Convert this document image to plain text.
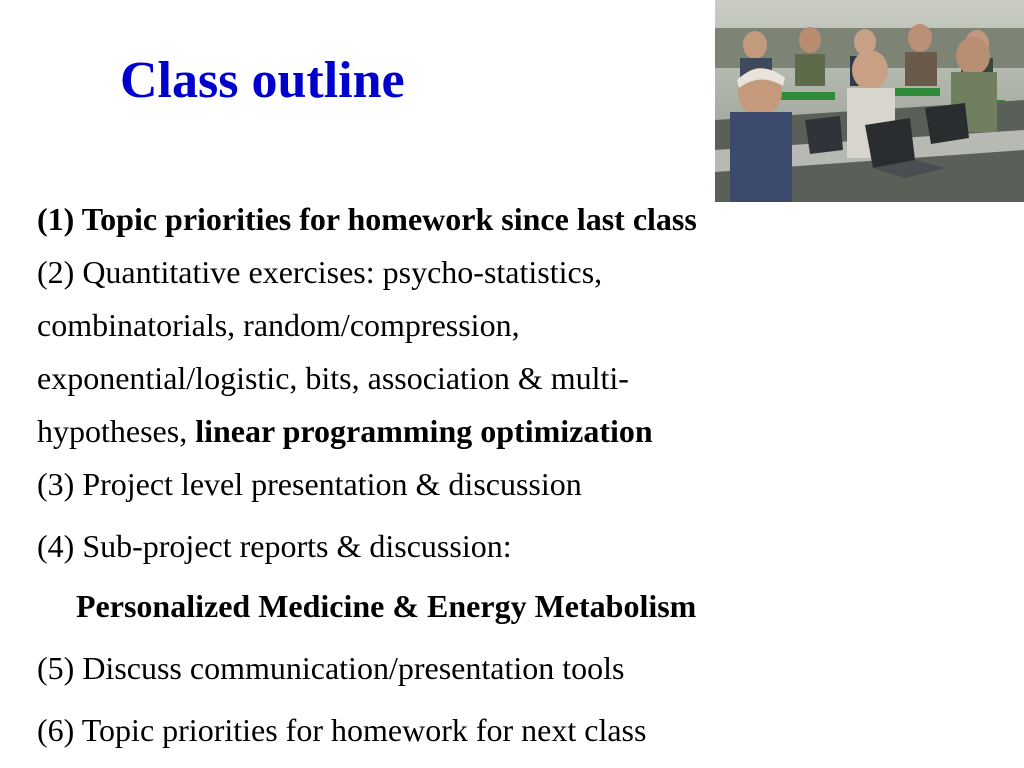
Class outline
(1) Topic priorities for homework since last class
(2) Quantitative exercises: psycho-statistics,
combinatorials, random/compression,
exponential/logistic, bits, association & multi-
hypotheses, linear programming optimization
(3) Project level presentation & discussion
(4) Sub-project reports & discussion:
Personalized Medicine & Energy Metabolism
(5) Discuss communication/presentation tools
(6) Topic priorities for homework for next class
